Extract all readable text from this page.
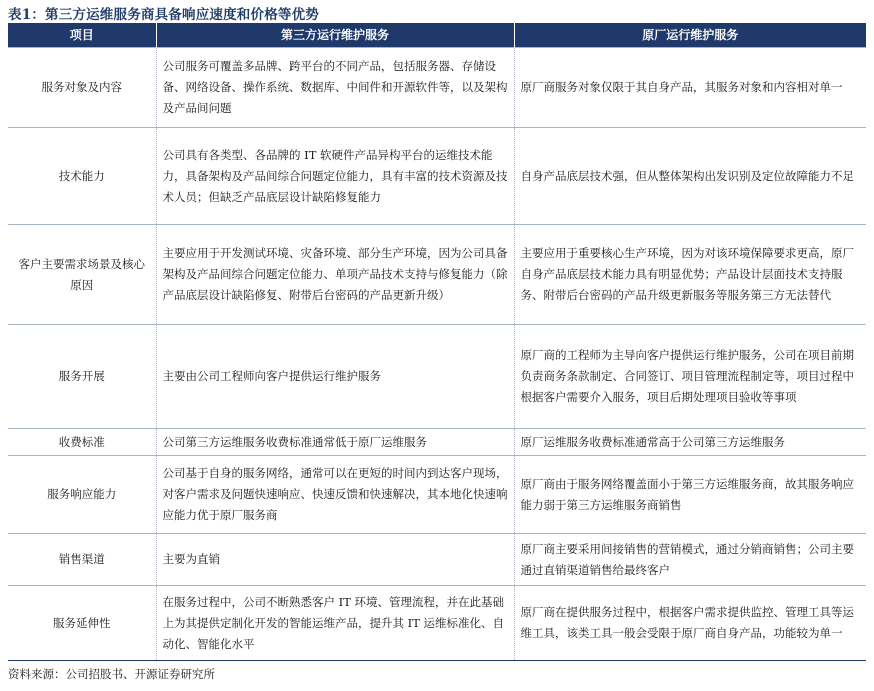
表1：第三方运维服务商具备响应速度和价格等优势
项目	第三方运行维护服务	原厂运行维护服务
服务对象及内容	公司服务可覆盖多品牌、跨平台的不同产品，包括服务器、存储设备、网络设备、操作系统、数据库、中间件和开源软件等，以及架构及产品间问题	原厂商服务对象仅限于其自身产品，其服务对象和内容相对单一
技术能力	公司具有各类型、各品牌的 IT 软硬件产品异构平台的运维技术能力，具备架构及产品间综合问题定位能力，具有丰富的技术资源及技术人员；但缺乏产品底层设计缺陷修复能力	自身产品底层技术强，但从整体架构出发识别及定位故障能力不足
客户主要需求场景及核心原因	主要应用于开发测试环境、灾备环境、部分生产环境，因为公司具备架构及产品间综合问题定位能力、单项产品技术支持与修复能力（除产品底层设计缺陷修复、附带后台密码的产品更新升级）	主要应用于重要核心生产环境，因为对该环境保障要求更高，原厂自身产品底层技术能力具有明显优势；产品设计层面技术支持服务、附带后台密码的产品升级更新服务等服务第三方无法替代
服务开展	主要由公司工程师向客户提供运行维护服务	原厂商的工程师为主导向客户提供运行维护服务，公司在项目前期负责商务条款制定、合同签订、项目管理流程制定等，项目过程中根据客户需要介入服务，项目后期处理项目验收等事项
收费标准	公司第三方运维服务收费标准通常低于原厂运维服务	原厂运维服务收费标准通常高于公司第三方运维服务
服务响应能力	公司基于自身的服务网络，通常可以在更短的时间内到达客户现场，对客户需求及问题快速响应、快速反馈和快速解决，其本地化快速响应能力优于原厂服务商	原厂商由于服务网络覆盖面小于第三方运维服务商，故其服务响应能力弱于第三方运维服务商销售
销售渠道	主要为直销	原厂商主要采用间接销售的营销模式，通过分销商销售；公司主要通过直销渠道销售给最终客户
服务延伸性	在服务过程中，公司不断熟悉客户 IT 环境、管理流程，并在此基础上为其提供定制化开发的智能运维产品，提升其 IT 运维标准化、自动化、智能化水平	原厂商在提供服务过程中，根据客户需求提供监控、管理工具等运维工具，该类工具一般会受限于原厂商自身产品，功能较为单一
资料来源：公司招股书、开源证券研究所
